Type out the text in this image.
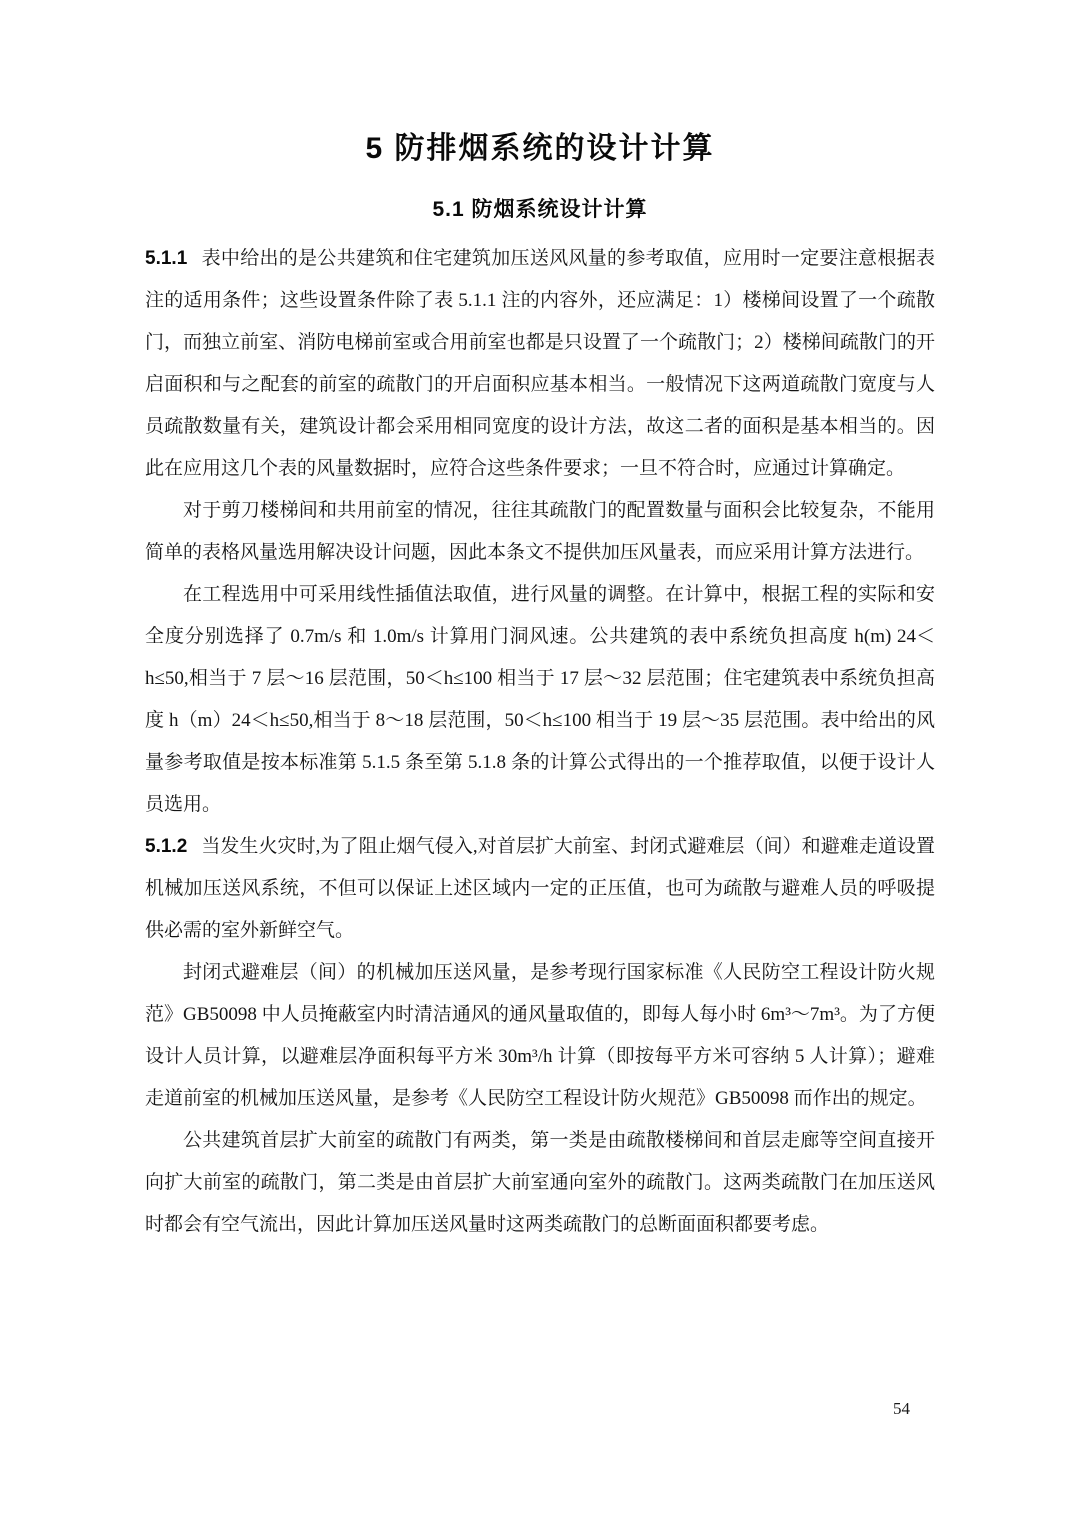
5 防排烟系统的设计计算
5.1 防烟系统设计计算

5.1.1 表中给出的是公共建筑和住宅建筑加压送风风量的参考取值，应用时一定要注意根据表注的适用条件；这些设置条件除了表 5.1.1 注的内容外，还应满足：1）楼梯间设置了一个疏散门，而独立前室、消防电梯前室或合用前室也都是只设置了一个疏散门；2）楼梯间疏散门的开启面积和与之配套的前室的疏散门的开启面积应基本相当。一般情况下这两道疏散门宽度与人员疏散数量有关，建筑设计都会采用相同宽度的设计方法，故这二者的面积是基本相当的。因此在应用这几个表的风量数据时，应符合这些条件要求；一旦不符合时，应通过计算确定。

对于剪刀楼梯间和共用前室的情况，往往其疏散门的配置数量与面积会比较复杂，不能用简单的表格风量选用解决设计问题，因此本条文不提供加压风量表，而应采用计算方法进行。

在工程选用中可采用线性插值法取值，进行风量的调整。在计算中，根据工程的实际和安全度分别选择了 0.7m/s 和 1.0m/s 计算用门洞风速。公共建筑的表中系统负担高度 h(m) 24＜h≤50,相当于 7 层～16 层范围，50＜h≤100 相当于 17 层～32 层范围；住宅建筑表中系统负担高度 h（m）24＜h≤50,相当于 8～18 层范围，50＜h≤100 相当于 19 层～35 层范围。表中给出的风量参考取值是按本标准第 5.1.5 条至第 5.1.8 条的计算公式得出的一个推荐取值，以便于设计人员选用。

5.1.2 当发生火灾时,为了阻止烟气侵入,对首层扩大前室、封闭式避难层（间）和避难走道设置机械加压送风系统，不但可以保证上述区域内一定的正压值，也可为疏散与避难人员的呼吸提供必需的室外新鲜空气。

封闭式避难层（间）的机械加压送风量，是参考现行国家标准《人民防空工程设计防火规范》GB50098 中人员掩蔽室内时清洁通风的通风量取值的，即每人每小时 6m³～7m³。为了方便设计人员计算，以避难层净面积每平方米 30m³/h 计算（即按每平方米可容纳 5 人计算）；避难走道前室的机械加压送风量，是参考《人民防空工程设计防火规范》GB50098 而作出的规定。

公共建筑首层扩大前室的疏散门有两类，第一类是由疏散楼梯间和首层走廊等空间直接开向扩大前室的疏散门，第二类是由首层扩大前室通向室外的疏散门。这两类疏散门在加压送风时都会有空气流出，因此计算加压送风量时这两类疏散门的总断面面积都要考虑。

54
